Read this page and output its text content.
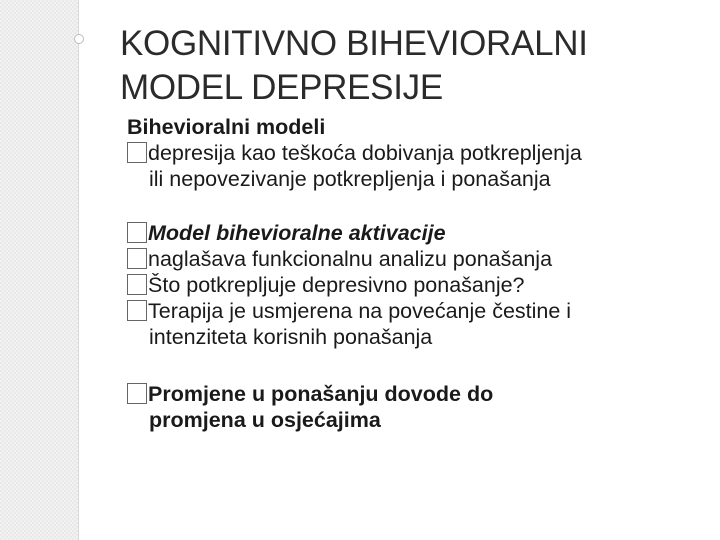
KOGNITIVNO BIHEVIORALNI
MODEL DEPRESIJE
Bihevioralni modeli
depresija kao teškoća dobivanja potkrepljenja
ili nepovezivanje potkrepljenja i ponašanja
Model bihevioralne aktivacije
naglašava funkcionalnu analizu ponašanja
Što potkrepljuje depresivno ponašanje?
Terapija je usmjerena na povećanje čestine i
intenziteta korisnih ponašanja
Promjene u ponašanju dovode do
promjena u osjećajima
